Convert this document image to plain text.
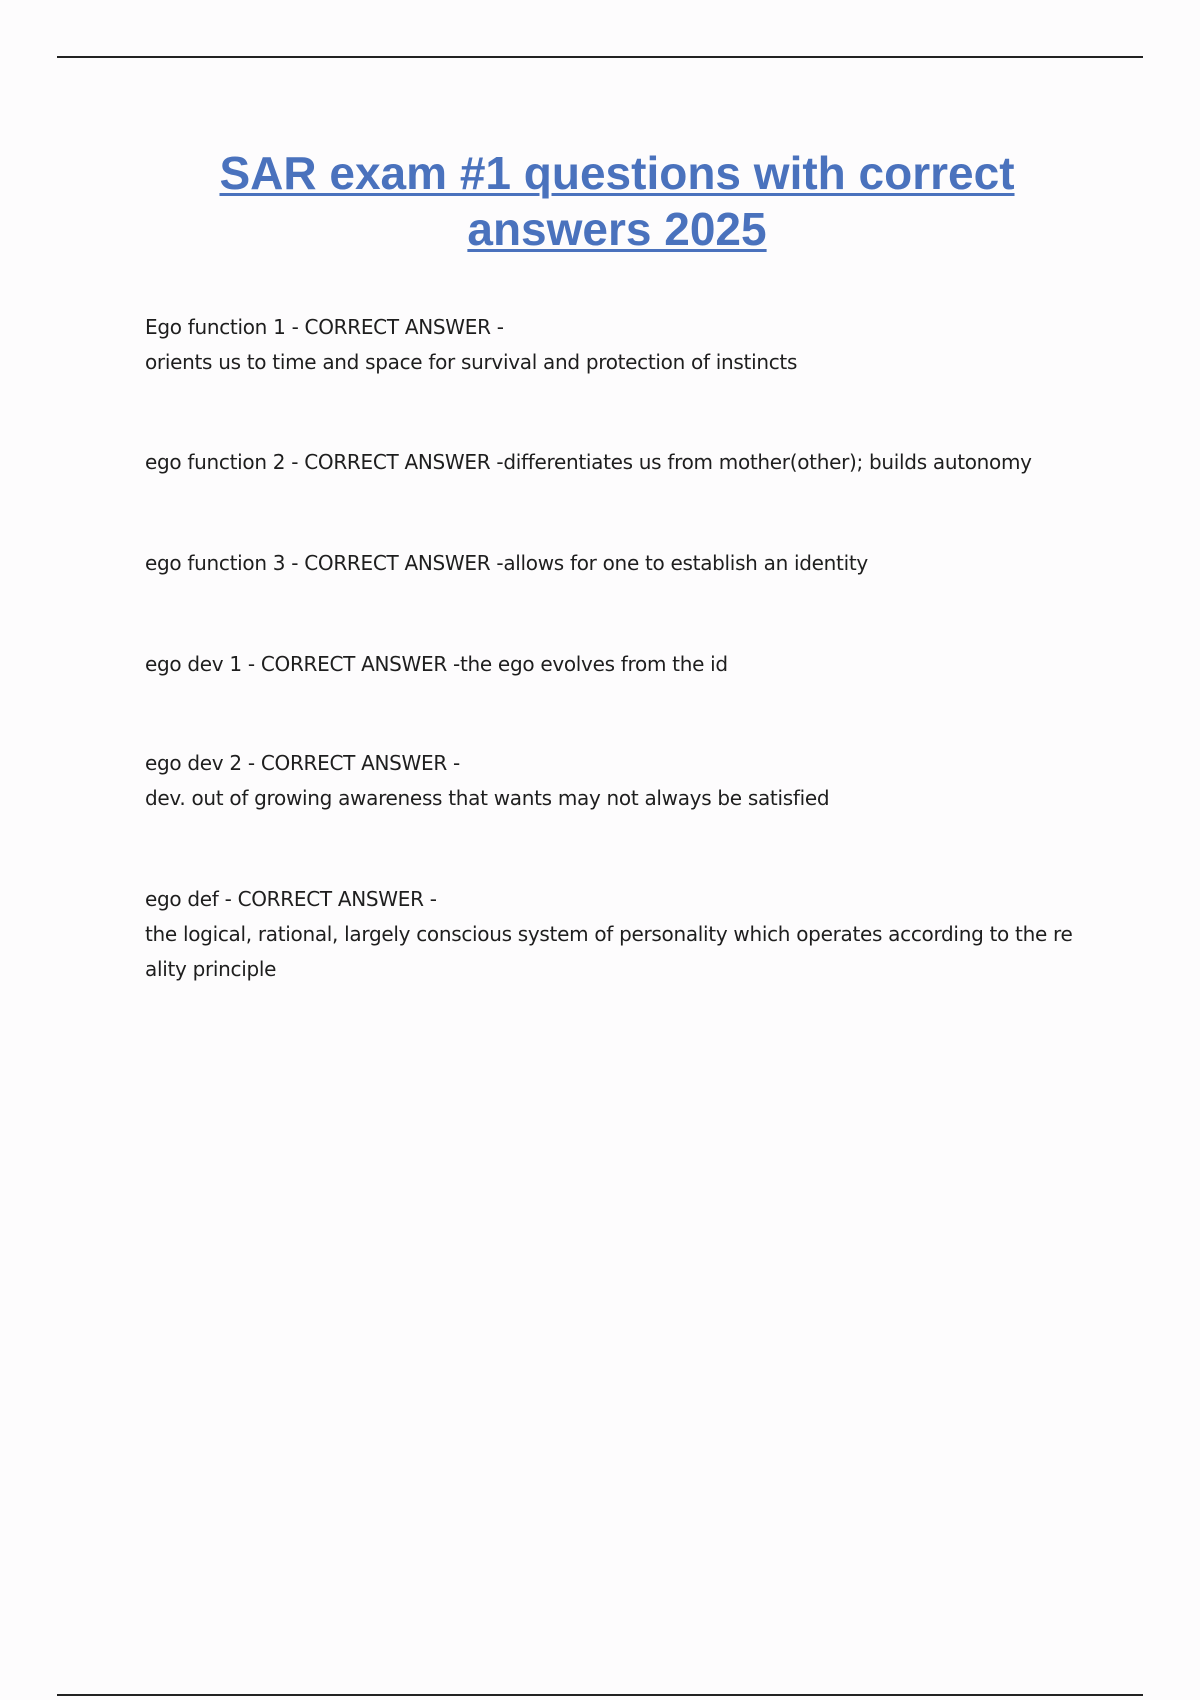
SAR exam #1 questions with correct answers 2025
Ego function 1 - CORRECT ANSWER -
orients us to time and space for survival and protection of instincts
ego function 2 - CORRECT ANSWER -differentiates us from mother(other); builds autonomy
ego function 3 - CORRECT ANSWER -allows for one to establish an identity
ego dev 1 - CORRECT ANSWER -the ego evolves from the id
ego dev 2 - CORRECT ANSWER -
dev. out of growing awareness that wants may not always be satisfied
ego def - CORRECT ANSWER -
the logical, rational, largely conscious system of personality which operates according to the re
ality principle
